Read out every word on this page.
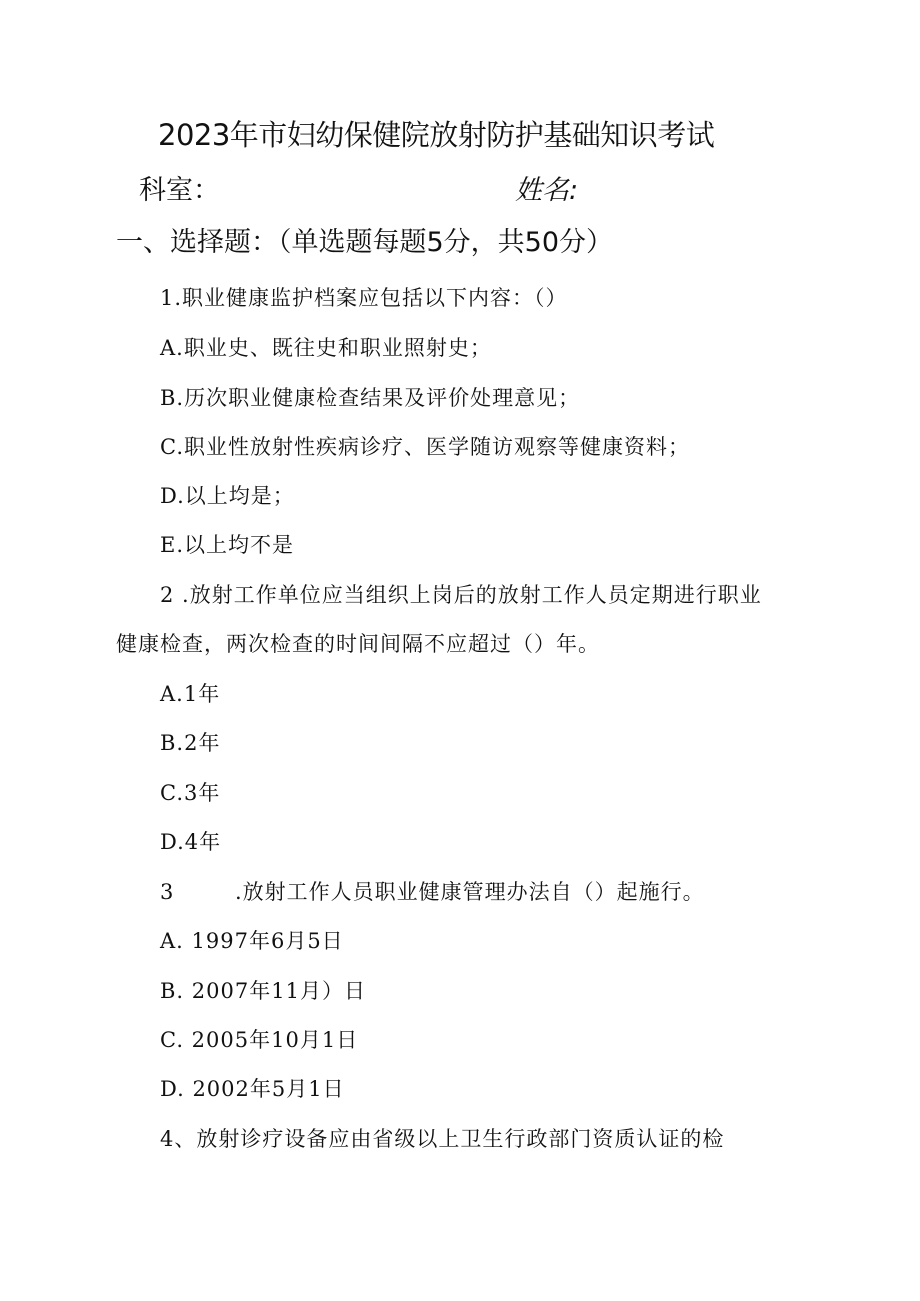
2023年市妇幼保健院放射防护基础知识考试
科室：	姓名:
一、选择题：（单选题每题5分，共50分）
1.职业健康监护档案应包括以下内容：（）
A.职业史、既往史和职业照射史；
B.历次职业健康检查结果及评价处理意见；
C.职业性放射性疾病诊疗、医学随访观察等健康资料；
D.以上均是；
E.以上均不是
2 .放射工作单位应当组织上岗后的放射工作人员定期进行职业
健康检查，两次检查的时间间隔不应超过（）年。
A.1年
B.2年
C.3年
D.4年
3	.放射工作人员职业健康管理办法自（）起施行。
A. 1997年6月5日
B. 2007年11月）日
C. 2005年10月1日
D. 2002年5月1日
4、放射诊疗设备应由省级以上卫生行政部门资质认证的检
